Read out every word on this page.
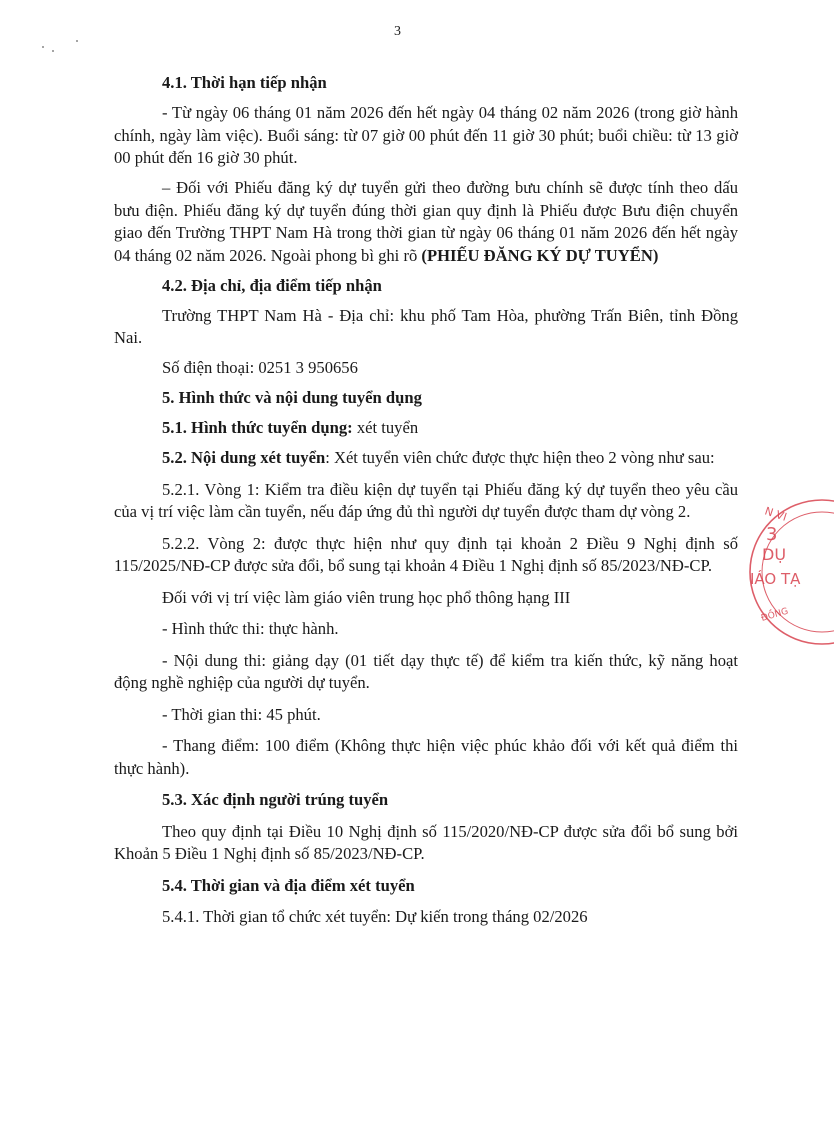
3

4.1. Thời hạn tiếp nhận

- Từ ngày 06 tháng 01 năm 2026 đến hết ngày 04 tháng 02 năm 2026 (trong giờ hành chính, ngày làm việc). Buổi sáng: từ 07 giờ 00 phút đến 11 giờ 30 phút; buổi chiều: từ 13 giờ 00 phút đến 16 giờ 30 phút.

– Đối với Phiếu đăng ký dự tuyển gửi theo đường bưu chính sẽ được tính theo dấu bưu điện. Phiếu đăng ký dự tuyển đúng thời gian quy định là Phiếu được Bưu điện chuyển giao đến Trường THPT Nam Hà trong thời gian từ ngày 06 tháng 01 năm 2026 đến hết ngày 04 tháng 02 năm 2026. Ngoài phong bì ghi rõ (PHIẾU ĐĂNG KÝ DỰ TUYỂN)

4.2. Địa chỉ, địa điểm tiếp nhận

Trường THPT Nam Hà - Địa chỉ: khu phố Tam Hòa, phường Trấn Biên, tỉnh Đồng Nai.

Số điện thoại: 0251 3 950656

5. Hình thức và nội dung tuyển dụng

5.1. Hình thức tuyển dụng: xét tuyển

5.2. Nội dung xét tuyển: Xét tuyển viên chức được thực hiện theo 2 vòng như sau:

5.2.1. Vòng 1: Kiểm tra điều kiện dự tuyển tại Phiếu đăng ký dự tuyển theo yêu cầu của vị trí việc làm cần tuyển, nếu đáp ứng đủ thì người dự tuyển được tham dự vòng 2.

5.2.2. Vòng 2: được thực hiện như quy định tại khoản 2 Điều 9 Nghị định số 115/2025/NĐ-CP được sửa đổi, bổ sung tại khoản 4 Điều 1 Nghị định số 85/2023/NĐ-CP.

Đối với vị trí việc làm giáo viên trung học phổ thông hạng III

- Hình thức thi: thực hành.

- Nội dung thi: giảng dạy (01 tiết dạy thực tế) để kiểm tra kiến thức, kỹ năng hoạt động nghề nghiệp của người dự tuyển.

- Thời gian thi: 45 phút.

- Thang điểm: 100 điểm (Không thực hiện việc phúc khảo đối với kết quả điểm thi thực hành).

5.3. Xác định người trúng tuyển

Theo quy định tại Điều 10 Nghị định số 115/2020/NĐ-CP được sửa đổi bổ sung bởi Khoản 5 Điều 1 Nghị định số 85/2023/NĐ-CP.

5.4. Thời gian và địa điểm xét tuyển

5.4.1. Thời gian tổ chức xét tuyển: Dự kiến trong tháng 02/2026

N VI
3
DỤ
IÁO TẠ
ĐỒNG
